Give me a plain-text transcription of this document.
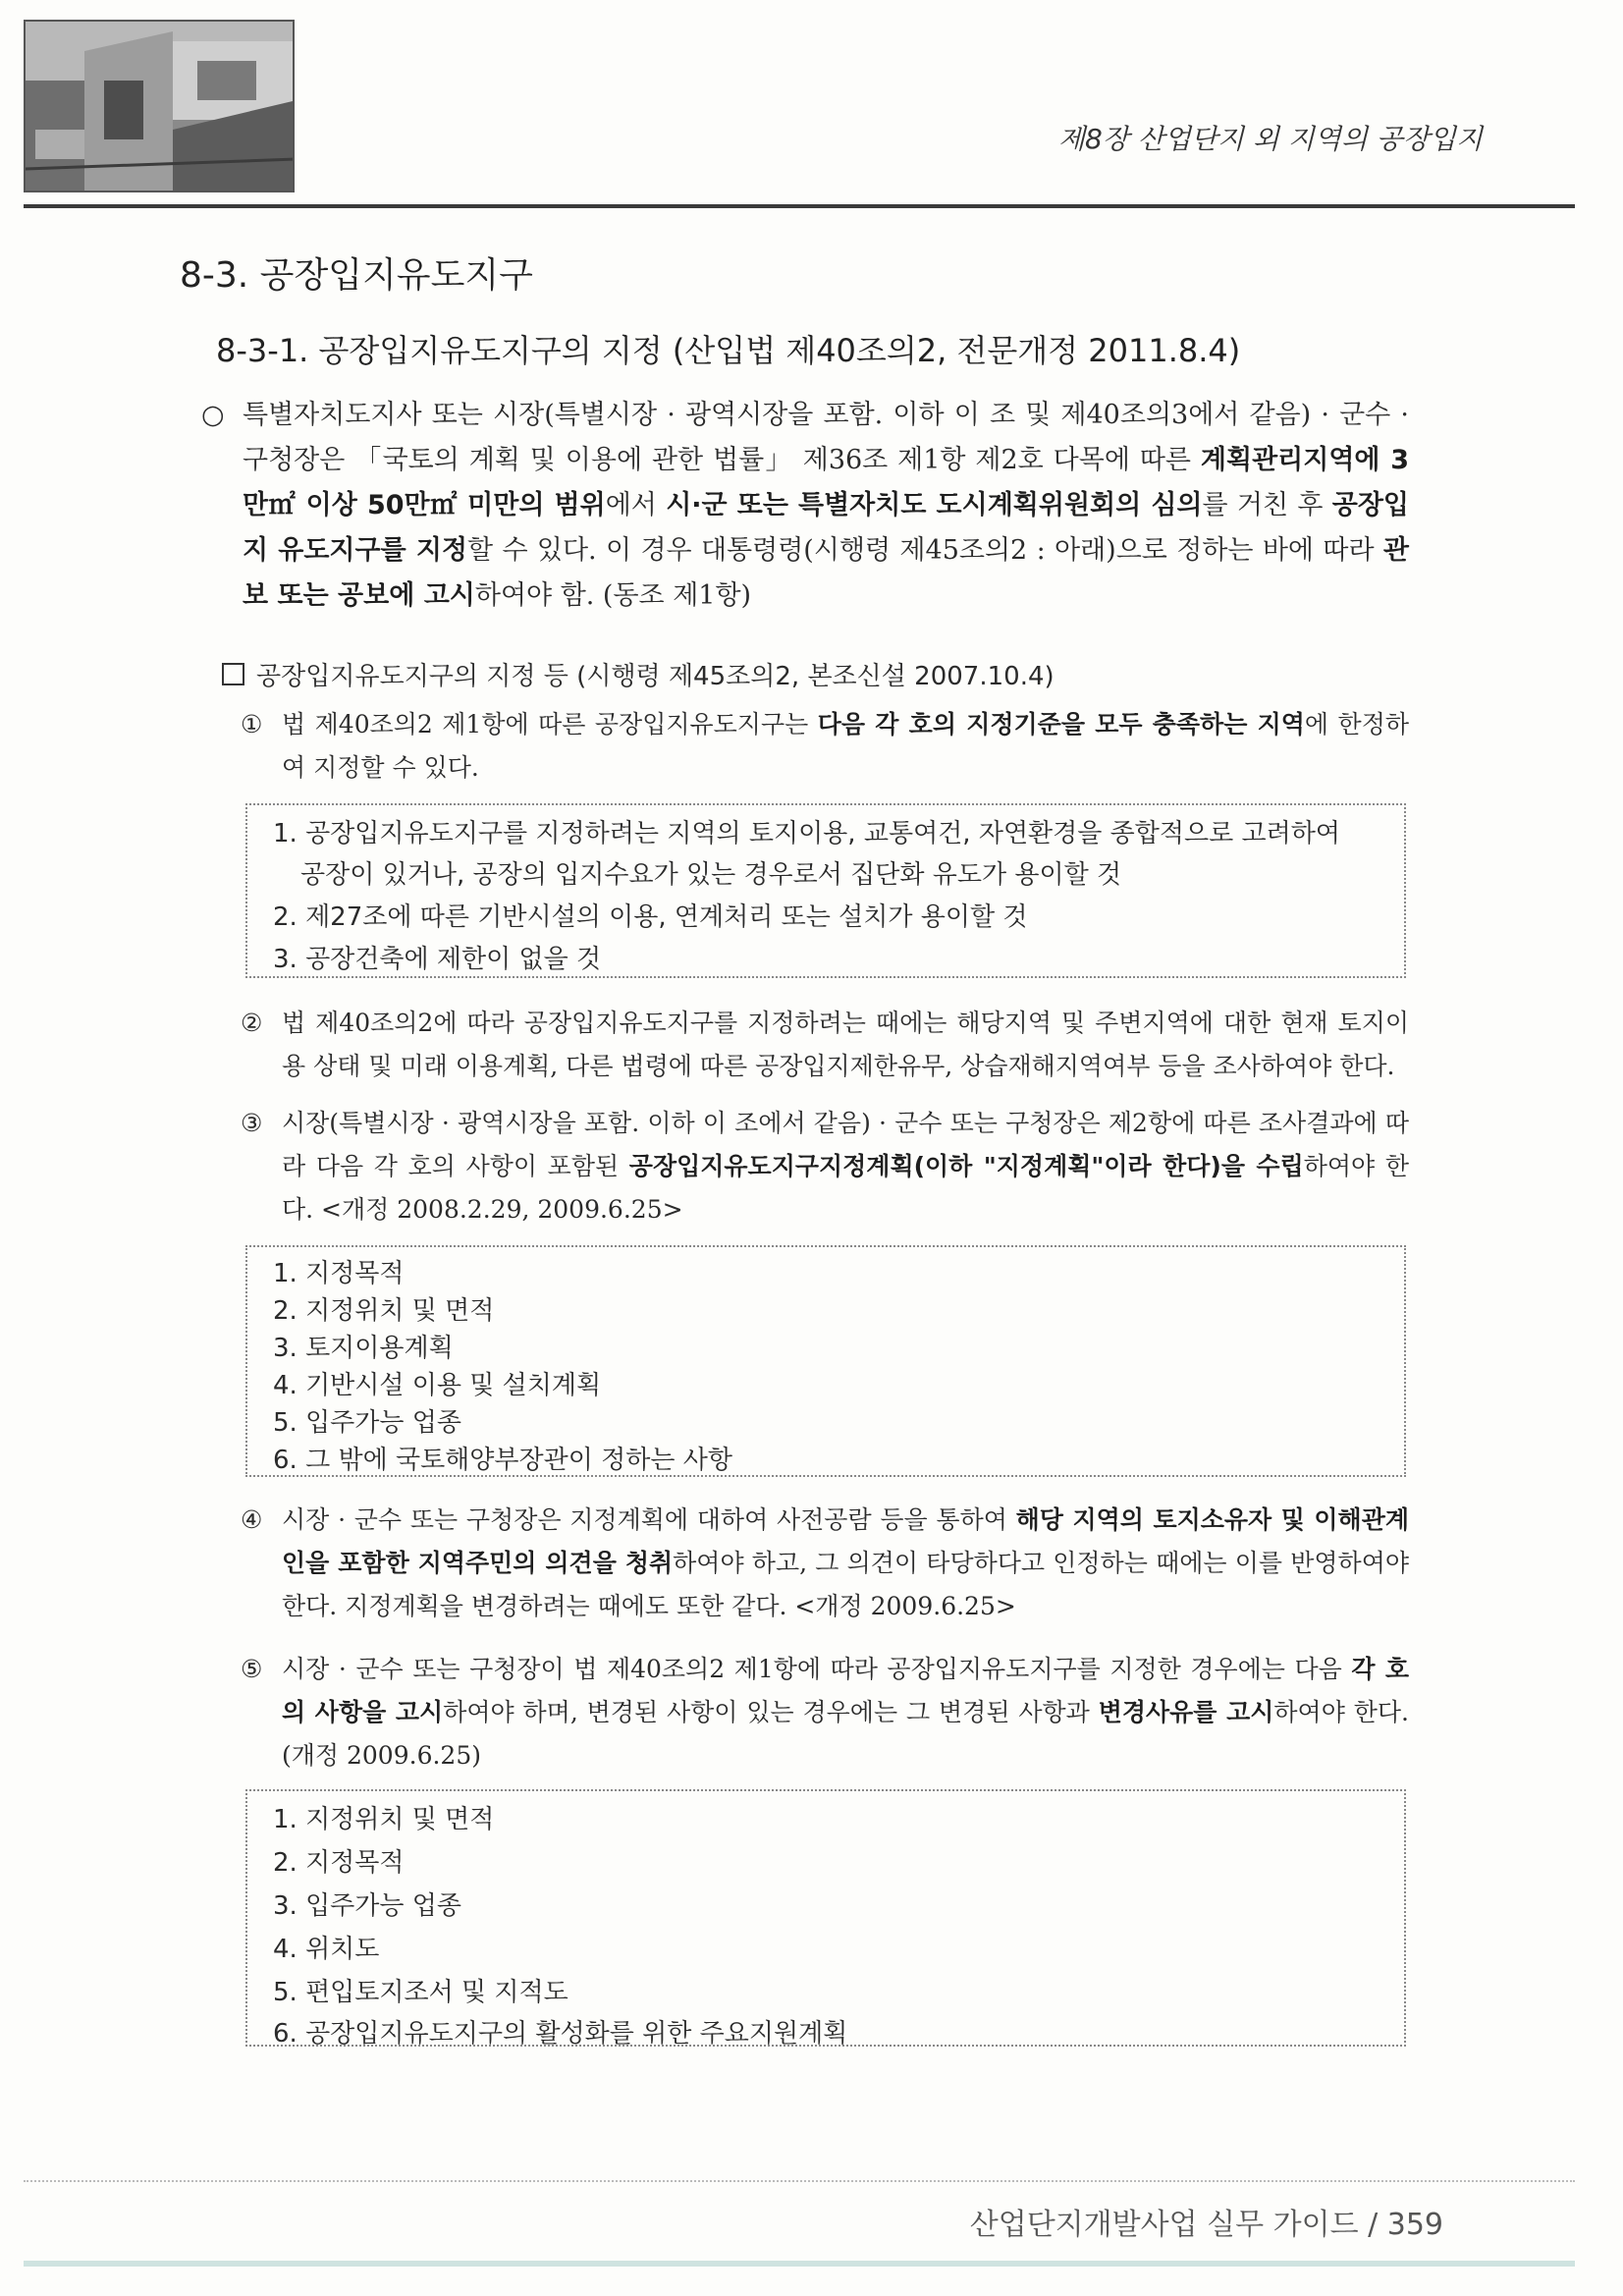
제8장 산업단지 외 지역의 공장입지
8-3. 공장입지유도지구
8-3-1. 공장입지유도지구의 지정 (산입법 제40조의2, 전문개정 2011.8.4)
○ 특별자치도지사 또는 시장(특별시장 · 광역시장을 포함. 이하 이 조 및 제40조의3에서 같음) · 군수 · 구청장은 「국토의 계획 및 이용에 관한 법률」 제36조 제1항 제2호 다목에 따른 계획관리지역에 3만㎡ 이상 50만㎡ 미만의 범위에서 시·군 또는 특별자치도 도시계획위원회의 심의를 거친 후 공장입지 유도지구를 지정할 수 있다. 이 경우 대통령령(시행령 제45조의2 : 아래)으로 정하는 바에 따라 관보 또는 공보에 고시하여야 함. (동조 제1항)
공장입지유도지구의 지정 등 (시행령 제45조의2, 본조신설 2007.10.4)
① 법 제40조의2 제1항에 따른 공장입지유도지구는 다음 각 호의 지정기준을 모두 충족하는 지역에 한정하여 지정할 수 있다.
1. 공장입지유도지구를 지정하려는 지역의 토지이용, 교통여건, 자연환경을 종합적으로 고려하여
공장이 있거나, 공장의 입지수요가 있는 경우로서 집단화 유도가 용이할 것
2. 제27조에 따른 기반시설의 이용, 연계처리 또는 설치가 용이할 것
3. 공장건축에 제한이 없을 것
② 법 제40조의2에 따라 공장입지유도지구를 지정하려는 때에는 해당지역 및 주변지역에 대한 현재 토지이용 상태 및 미래 이용계획, 다른 법령에 따른 공장입지제한유무, 상습재해지역여부 등을 조사하여야 한다.
③ 시장(특별시장 · 광역시장을 포함. 이하 이 조에서 같음) · 군수 또는 구청장은 제2항에 따른 조사결과에 따라 다음 각 호의 사항이 포함된 공장입지유도지구지정계획(이하 "지정계획"이라 한다)을 수립하여야 한다. <개정 2008.2.29, 2009.6.25>
1. 지정목적
2. 지정위치 및 면적
3. 토지이용계획
4. 기반시설 이용 및 설치계획
5. 입주가능 업종
6. 그 밖에 국토해양부장관이 정하는 사항
④ 시장 · 군수 또는 구청장은 지정계획에 대하여 사전공람 등을 통하여 해당 지역의 토지소유자 및 이해관계인을 포함한 지역주민의 의견을 청취하여야 하고, 그 의견이 타당하다고 인정하는 때에는 이를 반영하여야 한다. 지정계획을 변경하려는 때에도 또한 같다. <개정 2009.6.25>
⑤ 시장 · 군수 또는 구청장이 법 제40조의2 제1항에 따라 공장입지유도지구를 지정한 경우에는 다음 각 호의 사항을 고시하여야 하며, 변경된 사항이 있는 경우에는 그 변경된 사항과 변경사유를 고시하여야 한다. (개정 2009.6.25)
1. 지정위치 및 면적
2. 지정목적
3. 입주가능 업종
4. 위치도
5. 편입토지조서 및 지적도
6. 공장입지유도지구의 활성화를 위한 주요지원계획
산업단지개발사업 실무 가이드 / 359
